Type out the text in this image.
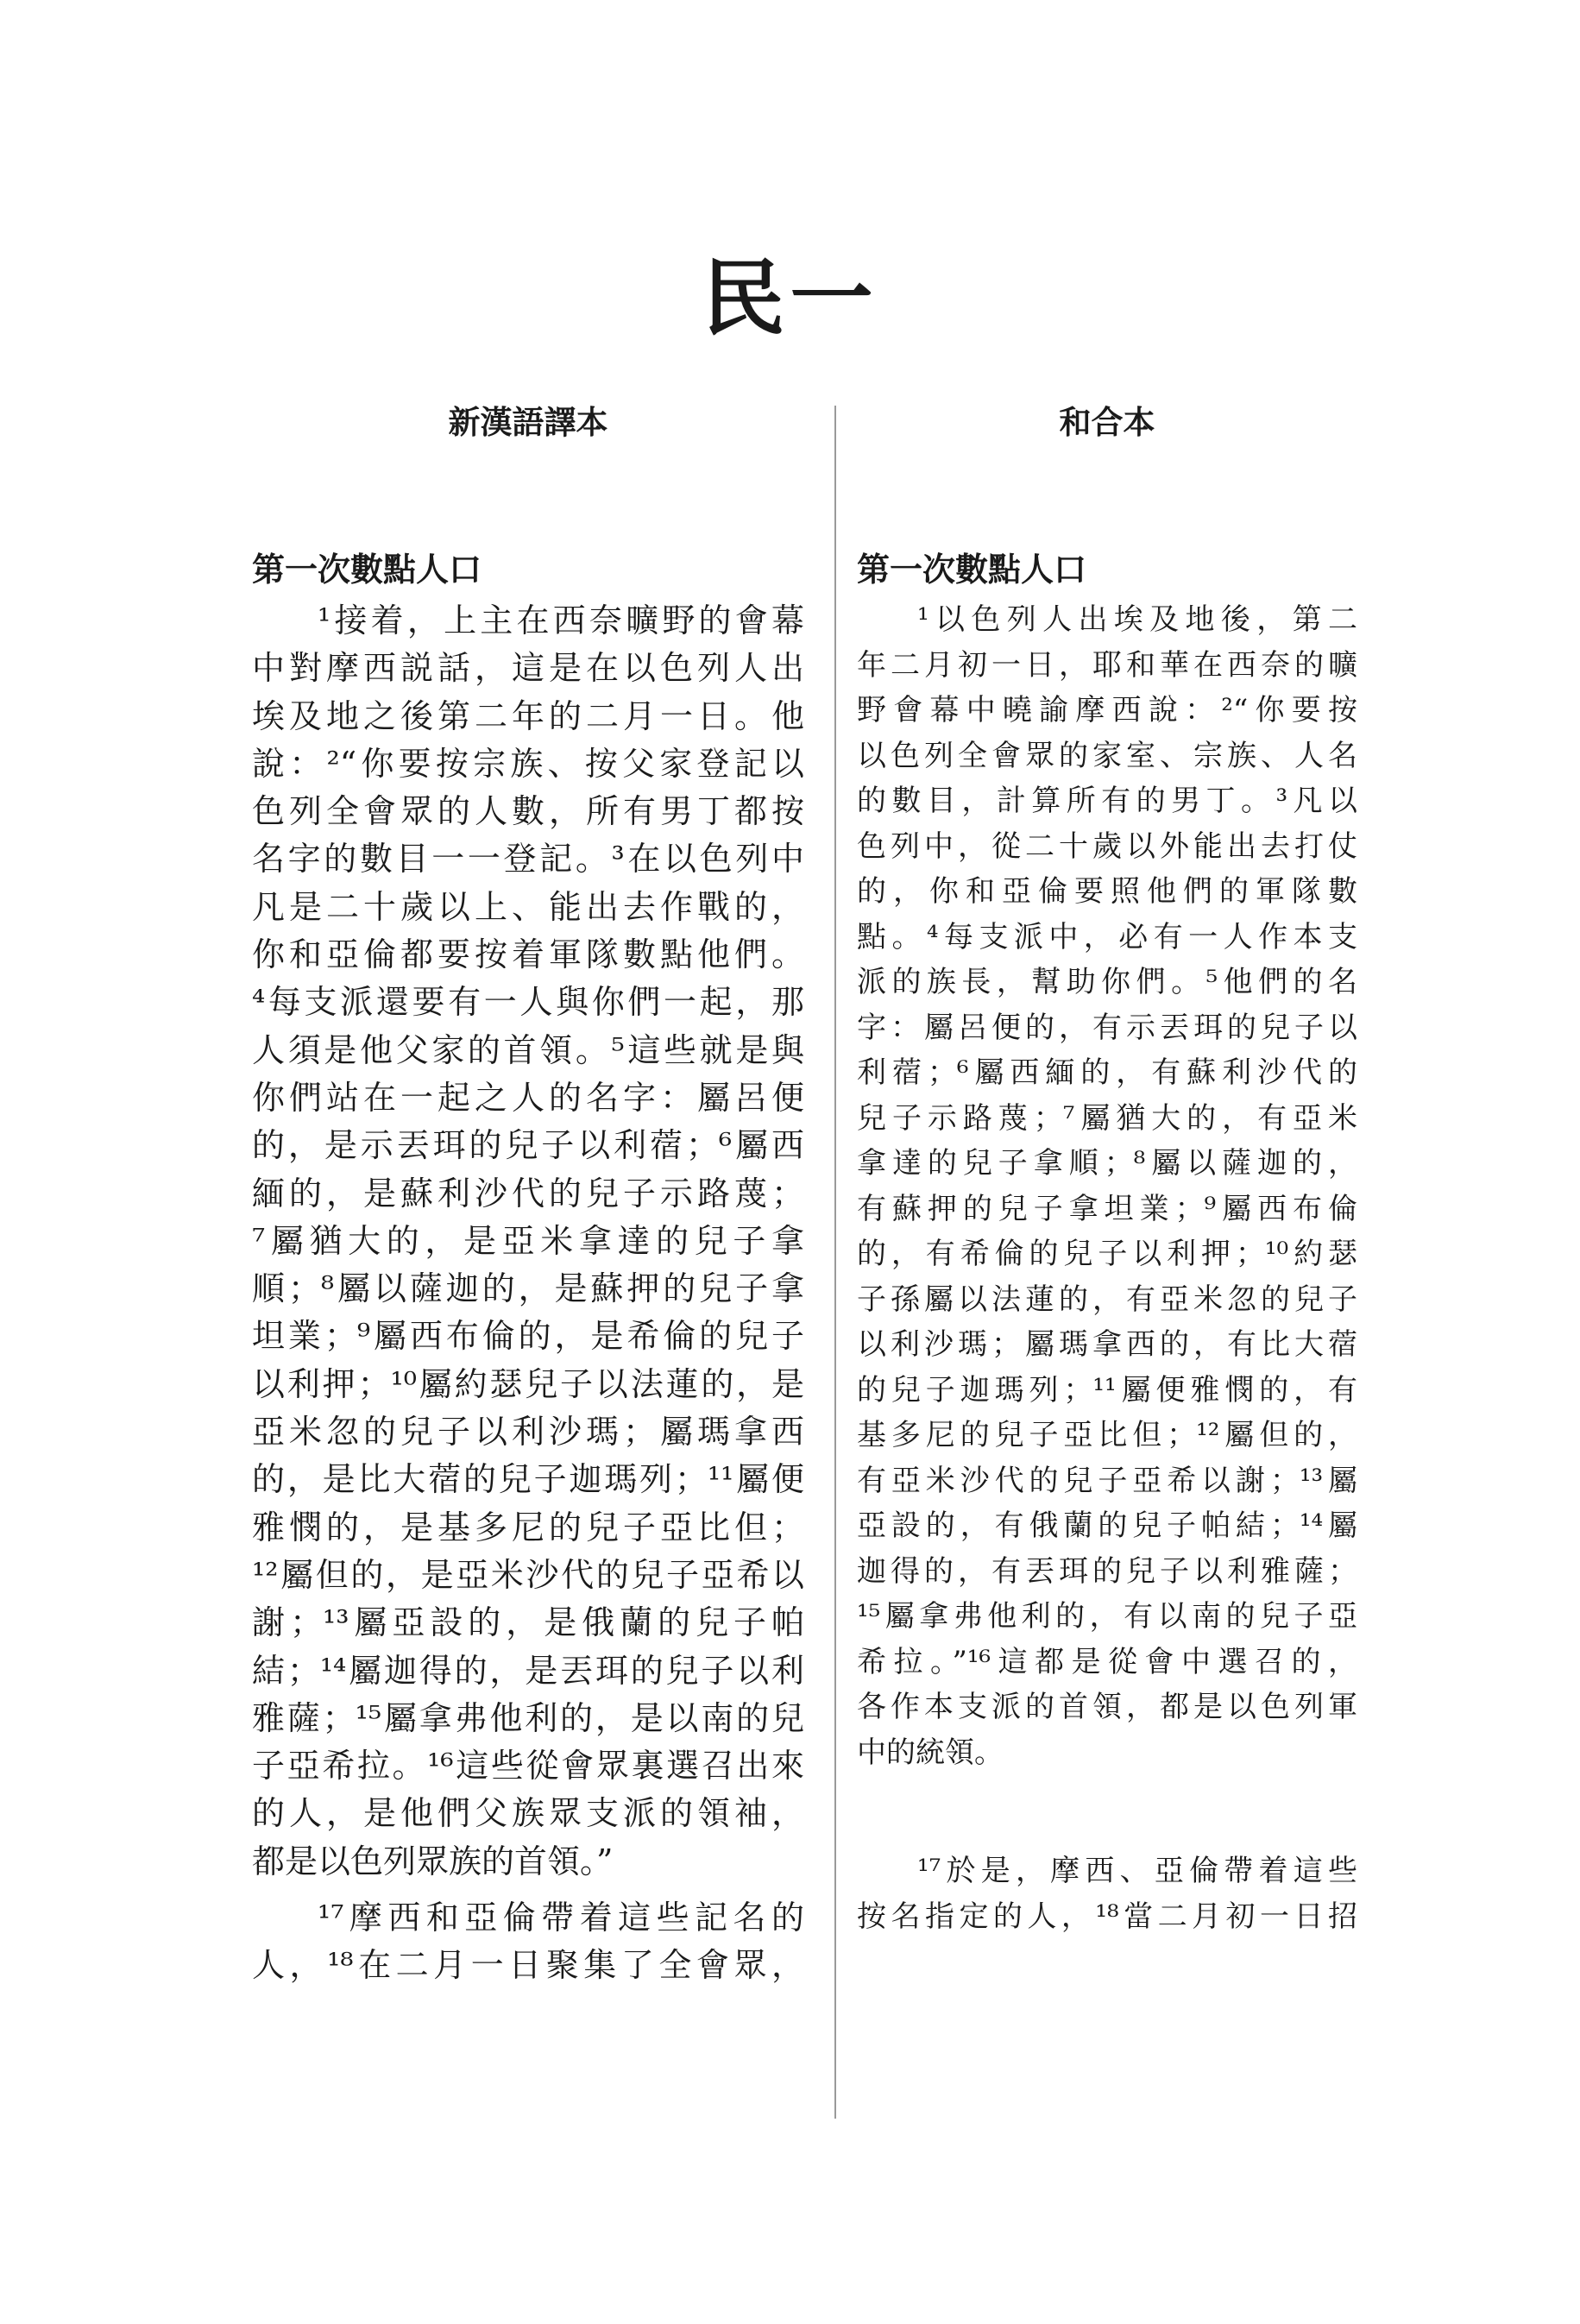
民一
新漢語譯本
第一次數點人口
¹接着，上主在西奈曠野的會幕
中對摩西説話，這是在以色列人出
埃及地之後第二年的二月一日。他
說：²“你要按宗族、按父家登記以
色列全會眾的人數，所有男丁都按
名字的數目一一登記。³在以色列中
凡是二十歲以上、能出去作戰的，
你和亞倫都要按着軍隊數點他們。
⁴每支派還要有一人與你們一起，那
人須是他父家的首領。⁵這些就是與
你們站在一起之人的名字：屬呂便
的，是示丟珥的兒子以利蓿；⁶屬西
緬的，是蘇利沙代的兒子示路蔑；
⁷屬猶大的，是亞米拿達的兒子拿
順；⁸屬以薩迦的，是蘇押的兒子拿
坦業；⁹屬西布倫的，是希倫的兒子
以利押；¹⁰屬約瑟兒子以法蓮的，是
亞米忽的兒子以利沙瑪；屬瑪拿西
的，是比大蓿的兒子迦瑪列；¹¹屬便
雅憫的，是基多尼的兒子亞比但；
¹²屬但的，是亞米沙代的兒子亞希以
謝；¹³屬亞設的，是俄蘭的兒子帕
結；¹⁴屬迦得的，是丟珥的兒子以利
雅薩；¹⁵屬拿弗他利的，是以南的兒
子亞希拉。¹⁶這些從會眾裏選召出來
的人，是他們父族眾支派的領袖，
都是以色列眾族的首領。”
¹⁷摩西和亞倫帶着這些記名的
人，¹⁸在二月一日聚集了全會眾，
和合本
第一次數點人口
¹以色列人出埃及地後，第二
年二月初一日，耶和華在西奈的曠
野會幕中曉諭摩西說：²“你要按
以色列全會眾的家室、宗族、人名
的數目，計算所有的男丁。³凡以
色列中，從二十歲以外能出去打仗
的，你和亞倫要照他們的軍隊數
點。⁴每支派中，必有一人作本支
派的族長，幫助你們。⁵他們的名
字：屬呂便的，有示丟珥的兒子以
利蓿；⁶屬西緬的，有蘇利沙代的
兒子示路蔑；⁷屬猶大的，有亞米
拿達的兒子拿順；⁸屬以薩迦的，
有蘇押的兒子拿坦業；⁹屬西布倫
的，有希倫的兒子以利押；¹⁰約瑟
子孫屬以法蓮的，有亞米忽的兒子
以利沙瑪；屬瑪拿西的，有比大蓿
的兒子迦瑪列；¹¹屬便雅憫的，有
基多尼的兒子亞比但；¹²屬但的，
有亞米沙代的兒子亞希以謝；¹³屬
亞設的，有俄蘭的兒子帕結；¹⁴屬
迦得的，有丟珥的兒子以利雅薩；
¹⁵屬拿弗他利的，有以南的兒子亞
希拉。”¹⁶這都是從會中選召的，
各作本支派的首領，都是以色列軍
中的統領。
¹⁷於是，摩西、亞倫帶着這些
按名指定的人，¹⁸當二月初一日招
